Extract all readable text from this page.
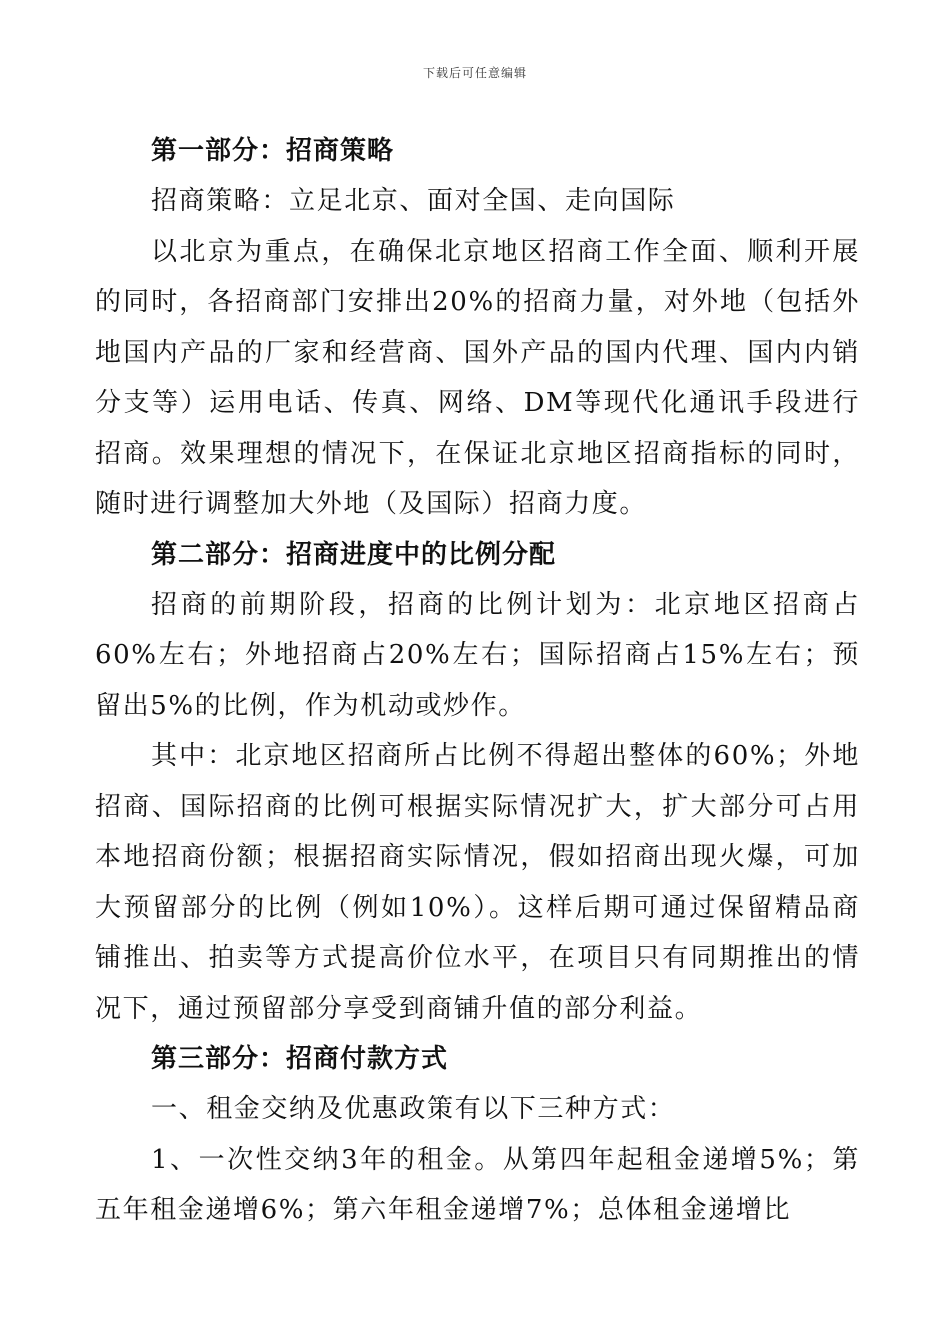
下载后可任意编辑
第一部分：招商策略

招商策略：立足北京、面对全国、走向国际

以北京为重点，在确保北京地区招商工作全面、顺利开展的同时，各招商部门安排出20%的招商力量，对外地（包括外地国内产品的厂家和经营商、国外产品的国内代理、国内内销分支等）运用电话、传真、网络、DM等现代化通讯手段进行招商。效果理想的情况下，在保证北京地区招商指标的同时，随时进行调整加大外地（及国际）招商力度。

第二部分：招商进度中的比例分配

招商的前期阶段，招商的比例计划为：北京地区招商占60%左右；外地招商占20%左右；国际招商占15%左右；预留出5%的比例，作为机动或炒作。

其中：北京地区招商所占比例不得超出整体的60%；外地招商、国际招商的比例可根据实际情况扩大，扩大部分可占用本地招商份额；根据招商实际情况，假如招商出现火爆，可加大预留部分的比例（例如10%）。这样后期可通过保留精品商铺推出、拍卖等方式提高价位水平，在项目只有同期推出的情况下，通过预留部分享受到商铺升值的部分利益。

第三部分：招商付款方式

一、租金交纳及优惠政策有以下三种方式：

1、一次性交纳3年的租金。从第四年起租金递增5%；第五年租金递增6%；第六年租金递增7%；总体租金递增比
